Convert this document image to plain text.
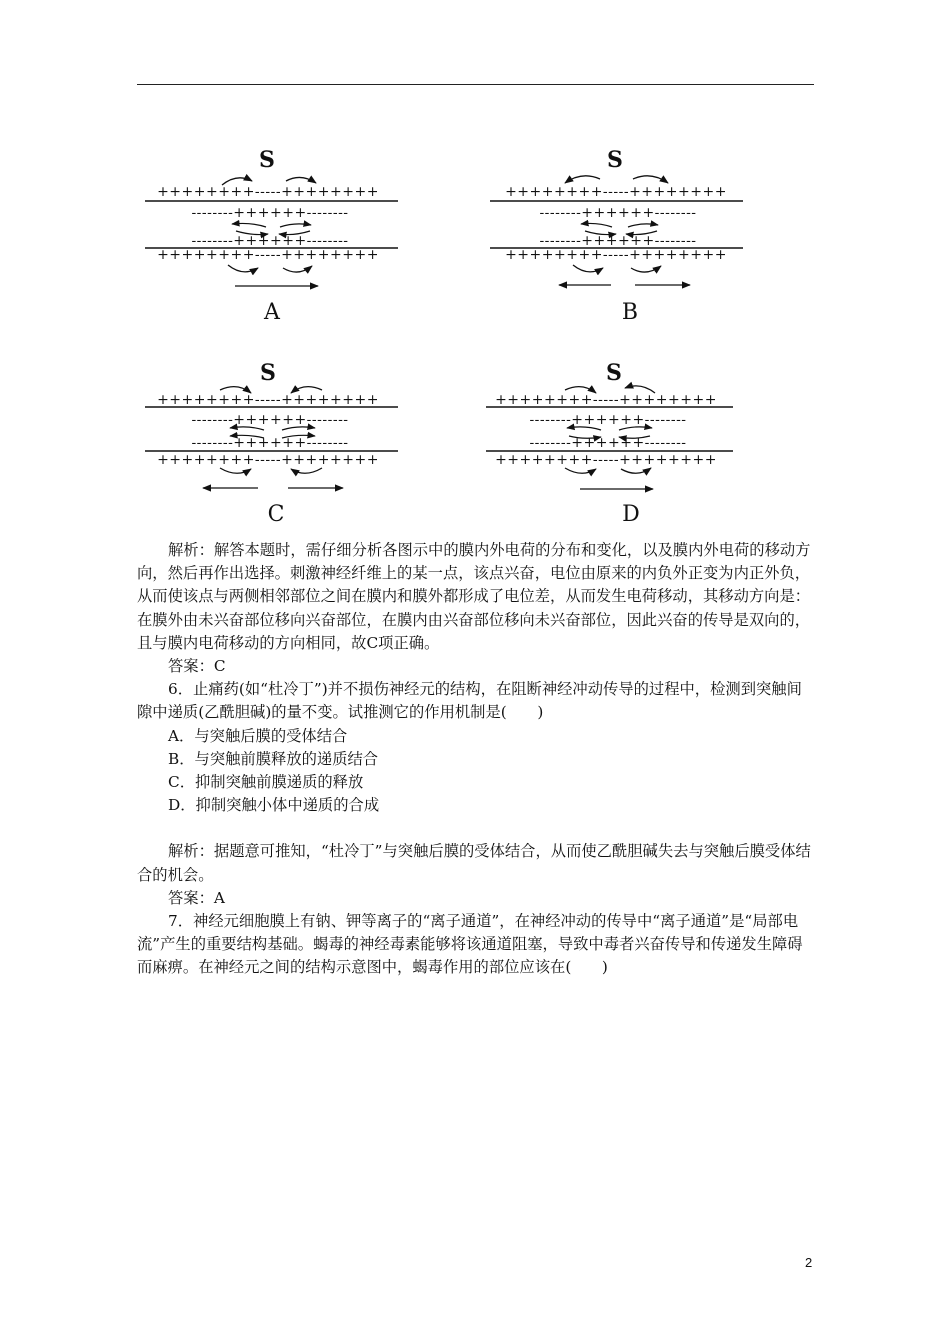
S
++++++++-----++++++++
--------++++++--------
--------++++++--------
++++++++-----++++++++
A
S
++++++++-----++++++++
--------++++++--------
--------++++++--------
++++++++-----++++++++
B
S
++++++++-----++++++++
--------++++++--------
--------++++++--------
++++++++-----++++++++
C
S
++++++++-----++++++++
--------++++++--------
--------++++++--------
++++++++-----++++++++
D

解析：解答本题时，需仔细分析各图示中的膜内外电荷的分布和变化，以及膜内外电荷的移动方向，然后再作出选择。刺激神经纤维上的某一点，该点兴奋，电位由原来的内负外正变为内正外负，从而使该点与两侧相邻部位之间在膜内和膜外都形成了电位差，从而发生电荷移动，其移动方向是：在膜外由未兴奋部位移向兴奋部位，在膜内由兴奋部位移向未兴奋部位，因此兴奋的传导是双向的，且与膜内电荷移动的方向相同，故C项正确。

答案：C

6．止痛药(如“杜冷丁”)并不损伤神经元的结构，在阻断神经冲动传导的过程中，检测到突触间隙中递质(乙酰胆碱)的量不变。试推测它的作用机制是(　　)

A．与突触后膜的受体结合

B．与突触前膜释放的递质结合

C．抑制突触前膜递质的释放

D．抑制突触小体中递质的合成

解析：据题意可推知，“杜冷丁”与突触后膜的受体结合，从而使乙酰胆碱失去与突触后膜受体结合的机会。

答案：A

7．神经元细胞膜上有钠、钾等离子的“离子通道”，在神经冲动的传导中“离子通道”是“局部电流”产生的重要结构基础。蝎毒的神经毒素能够将该通道阻塞，导致中毒者兴奋传导和传递发生障碍而麻痹。在神经元之间的结构示意图中，蝎毒作用的部位应该在(　　)

2
